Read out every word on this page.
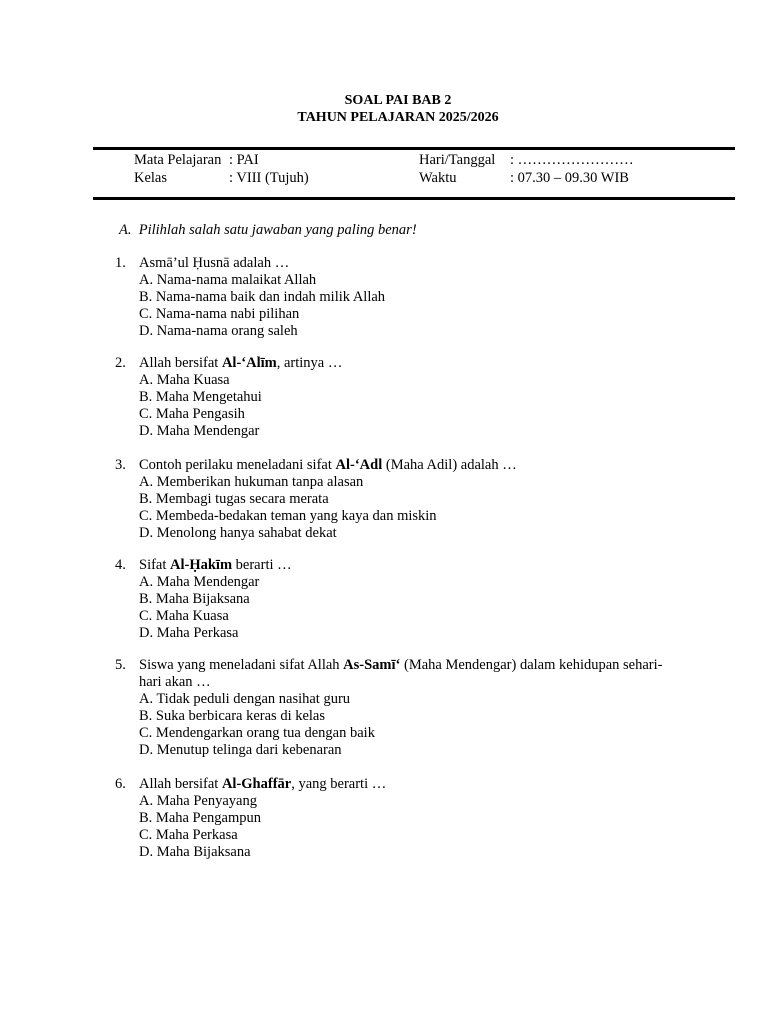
SOAL PAI BAB 2
TAHUN PELAJARAN 2025/2026
Mata Pelajaran : PAI	Hari/Tanggal : ……………………
Kelas	: VIII (Tujuh)	Waktu	: 07.30 – 09.30 WIB
A. Pilihlah salah satu jawaban yang paling benar!
1. Asmā’ul Ḥusnā adalah …
A. Nama-nama malaikat Allah
B. Nama-nama baik dan indah milik Allah
C. Nama-nama nabi pilihan
D. Nama-nama orang saleh
2. Allah bersifat Al-‘Alīm, artinya …
A. Maha Kuasa
B. Maha Mengetahui
C. Maha Pengasih
D. Maha Mendengar
3. Contoh perilaku meneladani sifat Al-‘Adl (Maha Adil) adalah …
A. Memberikan hukuman tanpa alasan
B. Membagi tugas secara merata
C. Membeda-bedakan teman yang kaya dan miskin
D. Menolong hanya sahabat dekat
4. Sifat Al-Ḥakīm berarti …
A. Maha Mendengar
B. Maha Bijaksana
C. Maha Kuasa
D. Maha Perkasa
5. Siswa yang meneladani sifat Allah As-Samī‘ (Maha Mendengar) dalam kehidupan sehari-hari akan …
A. Tidak peduli dengan nasihat guru
B. Suka berbicara keras di kelas
C. Mendengarkan orang tua dengan baik
D. Menutup telinga dari kebenaran
6. Allah bersifat Al-Ghaffār, yang berarti …
A. Maha Penyayang
B. Maha Pengampun
C. Maha Perkasa
D. Maha Bijaksana
